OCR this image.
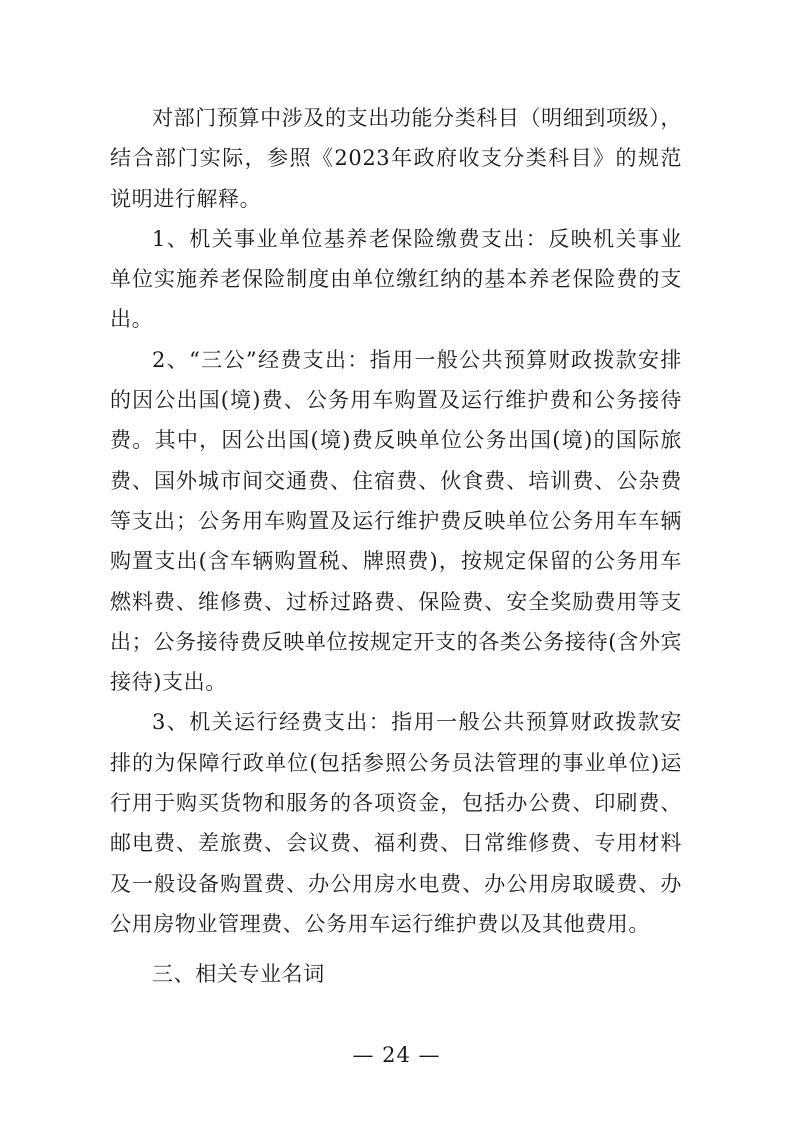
对部门预算中涉及的支出功能分类科目（明细到项级），结合部门实际，参照《2023年政府收支分类科目》的规范说明进行解释。

1、机关事业单位基养老保险缴费支出：反映机关事业单位实施养老保险制度由单位缴红纳的基本养老保险费的支出。

2、“三公”经费支出：指用一般公共预算财政拨款安排的因公出国(境)费、公务用车购置及运行维护费和公务接待费。其中，因公出国(境)费反映单位公务出国(境)的国际旅费、国外城市间交通费、住宿费、伙食费、培训费、公杂费等支出；公务用车购置及运行维护费反映单位公务用车车辆购置支出(含车辆购置税、牌照费)，按规定保留的公务用车燃料费、维修费、过桥过路费、保险费、安全奖励费用等支出；公务接待费反映单位按规定开支的各类公务接待(含外宾接待)支出。

3、机关运行经费支出：指用一般公共预算财政拨款安排的为保障行政单位(包括参照公务员法管理的事业单位)运行用于购买货物和服务的各项资金，包括办公费、印刷费、邮电费、差旅费、会议费、福利费、日常维修费、专用材料及一般设备购置费、办公用房水电费、办公用房取暖费、办公用房物业管理费、公务用车运行维护费以及其他费用。

三、相关专业名词

— 24 —
